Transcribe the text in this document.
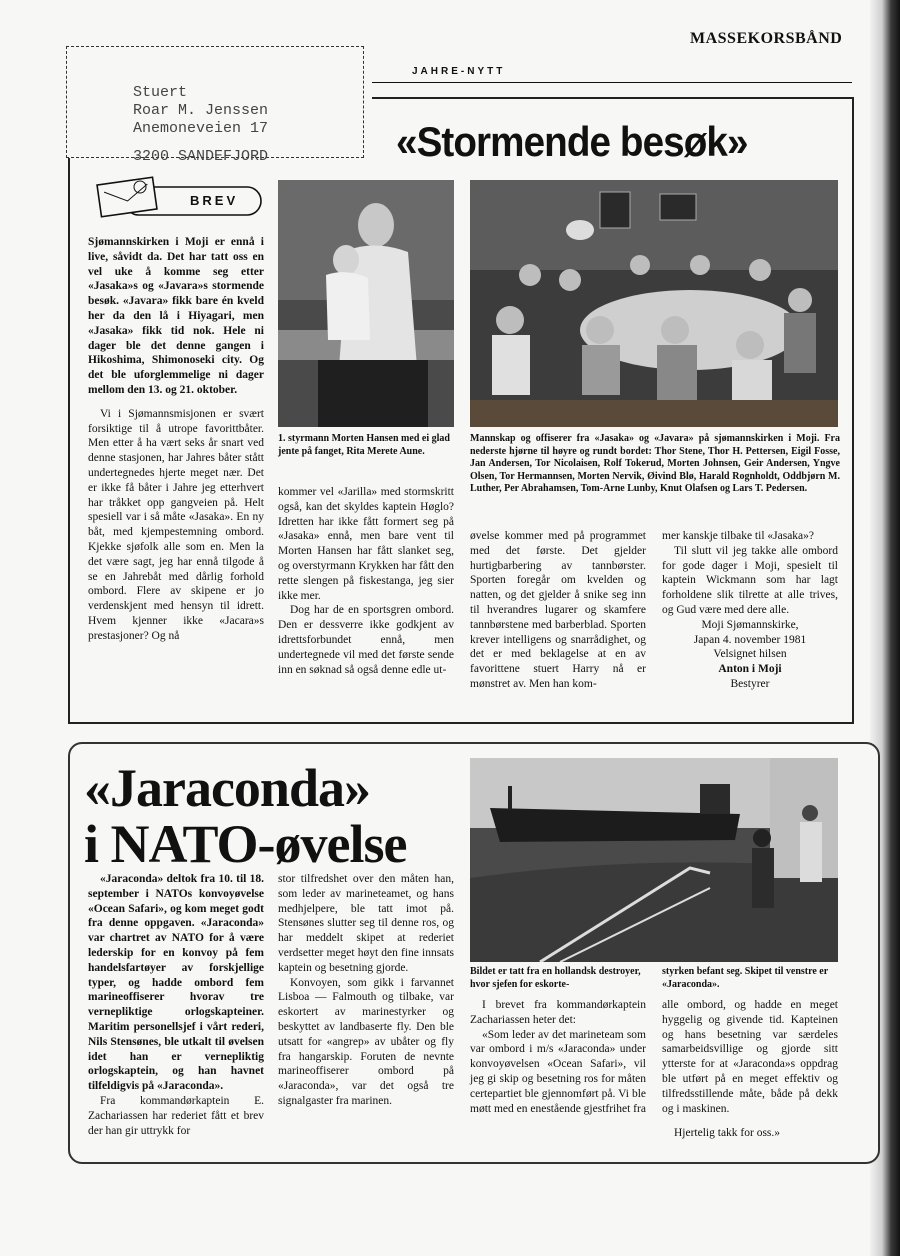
MASSEKORSBÅND
JAHRE-NYTT
Stuert
Roar M. Jenssen
Anemoneveien 17
3200 SANDEFJORD	«Stormende besøk»
BREV

Sjømannskirken i Moji er ennå i live, såvidt da. Det har tatt oss en vel uke å komme seg etter «Jasaka»s og «Javara»s stormende besøk. «Javara» fikk bare én kveld her da den lå i Hiyagari, men «Jasaka» fikk tid nok. Hele ni dager ble det denne gangen i Hikoshima, Shimonoseki city. Og det ble uforglemmelige ni dager mellom den 13. og 21. oktober.

Vi i Sjømannsmisjonen er svært forsiktige til å utrope favorittbåter. Men etter å ha vært seks år snart ved denne stasjonen, har Jahres båter stått undertegnedes hjerte meget nær. Det er ikke få båter i Jahre jeg etterhvert har tråkket opp gangveien på. Helt spesiell var i så måte «Jasaka». En ny båt, med kjempestemning ombord. Kjekke sjøfolk alle som en. Men la det være sagt, jeg har ennå tilgode å se en Jahrebåt med dårlig forhold ombord. Flere av skipene er jo verdenskjent med hensyn til idrett. Hvem kjenner ikke «Jacara»s prestasjoner? Og nå

1. styrmann Morten Hansen med ei glad jente på fanget, Rita Merete Aune.
Mannskap og offiserer fra «Jasaka» og «Javara» på sjømannskirken i Moji. Fra nederste hjørne til høyre og rundt bordet: Thor Stene, Thor H. Pettersen, Eigil Fosse, Jan Andersen, Tor Nicolaisen, Rolf Tokerud, Morten Johnsen, Geir Andersen, Yngve Olsen, Tor Hermannsen, Morten Nervik, Øivind Blø, Harald Rognholdt, Oddbjørn M. Luther, Per Abrahamsen, Tom-Arne Lunby, Knut Olafsen og Lars T. Pedersen.

kommer vel «Jarilla» med stormskritt også, kan det skyldes kaptein Høglo? Idretten har ikke fått formert seg på «Jasaka» ennå, men bare vent til Morten Hansen har fått slanket seg, og overstyrmann Krykken har fått den rette slengen på fiskestanga, jeg sier ikke mer.

Dog har de en sportsgren ombord. Den er dessverre ikke godkjent av idrettsforbundet ennå, men undertegnede vil med det første sende inn en søknad så også denne edle ut-

øvelse kommer med på programmet med det første. Det gjelder hurtigbarbering av tannbørster. Sporten foregår om kvelden og natten, og det gjelder å snike seg inn til hverandres lugarer og skamfere tannbørstene med barberblad. Sporten krever intelligens og snarrådighet, og det er med beklagelse at en av favorittene stuert Harry nå er mønstret av. Men han kom-

mer kanskje tilbake til «Jasaka»?

Til slutt vil jeg takke alle ombord for gode dager i Moji, spesielt til kaptein Wickmann som har lagt forholdene slik tilrette at alle trives, og Gud være med dere alle.

Moji Sjømannskirke,
Japan 4. november 1981
Velsignet hilsen
Anton i Moji
Bestyrer
«Jaraconda»
i NATO-øvelse

«Jaraconda» deltok fra 10. til 18. september i NATOs konvoyøvelse «Ocean Safari», og kom meget godt fra denne oppgaven. «Jaraconda» var chartret av NATO for å være lederskip for en konvoy på fem handelsfartøyer av forskjellige typer, og hadde ombord fem marineoffiserer hvorav tre vernepliktige orlogskapteiner. Maritim personellsjef i vårt rederi, Nils Stensønes, ble utkalt til øvelsen idet han er vernepliktig orlogskaptein, og han havnet tilfeldigvis på «Jaraconda».

Fra kommandørkaptein E. Zachariassen har rederiet fått et brev der han gir uttrykk for

stor tilfredshet over den måten han, som leder av marineteamet, og hans medhjelpere, ble tatt imot på. Stensønes slutter seg til denne ros, og har meddelt skipet at rederiet verdsetter meget høyt den fine innsats kaptein og besetning gjorde.

Konvoyen, som gikk i farvannet Lisboa — Falmouth og tilbake, var eskortert av marinestyrker og beskyttet av landbaserte fly. Den ble utsatt for «angrep» av ubåter og fly fra hangarskip. Foruten de nevnte marineoffiserer ombord på «Jaraconda», var det også tre signalgaster fra marinen.

Bildet er tatt fra en hollandsk destroyer, hvor sjefen for eskorte-
styrken befant seg. Skipet til venstre er «Jaraconda».

I brevet fra kommandørkaptein Zachariassen heter det:

«Som leder av det marineteam som var ombord i m/s «Jaraconda» under konvoyøvelsen «Ocean Safari», vil jeg gi skip og besetning ros for måten certepartiet ble gjennomført på. Vi ble møtt med en enestående gjestfrihet fra

alle ombord, og hadde en meget hyggelig og givende tid. Kapteinen og hans besetning var særdeles samarbeidsvillige og gjorde sitt ytterste for at «Jaraconda»s oppdrag ble utført på en meget effektiv og tilfredsstillende måte, både på dekk og i maskinen.

Hjertelig takk for oss.»
